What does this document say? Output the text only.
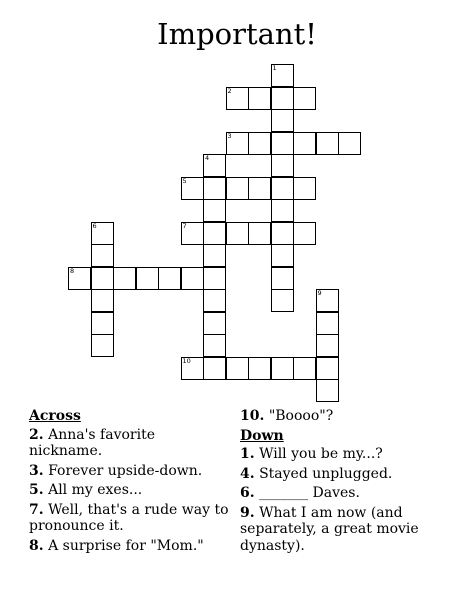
Important!
1
2
3
4
5
6	7
8
9
10
Across
2. Anna's favorite nickname.
3. Forever upside-down.
5. All my exes...
7. Well, that's a rude way to pronounce it.
8. A surprise for "Mom."
10. "Boooo"?
Down
1. Will you be my...?
4. Stayed unplugged.
6. _______ Daves.
9. What I am now (and separately, a great movie dynasty).
